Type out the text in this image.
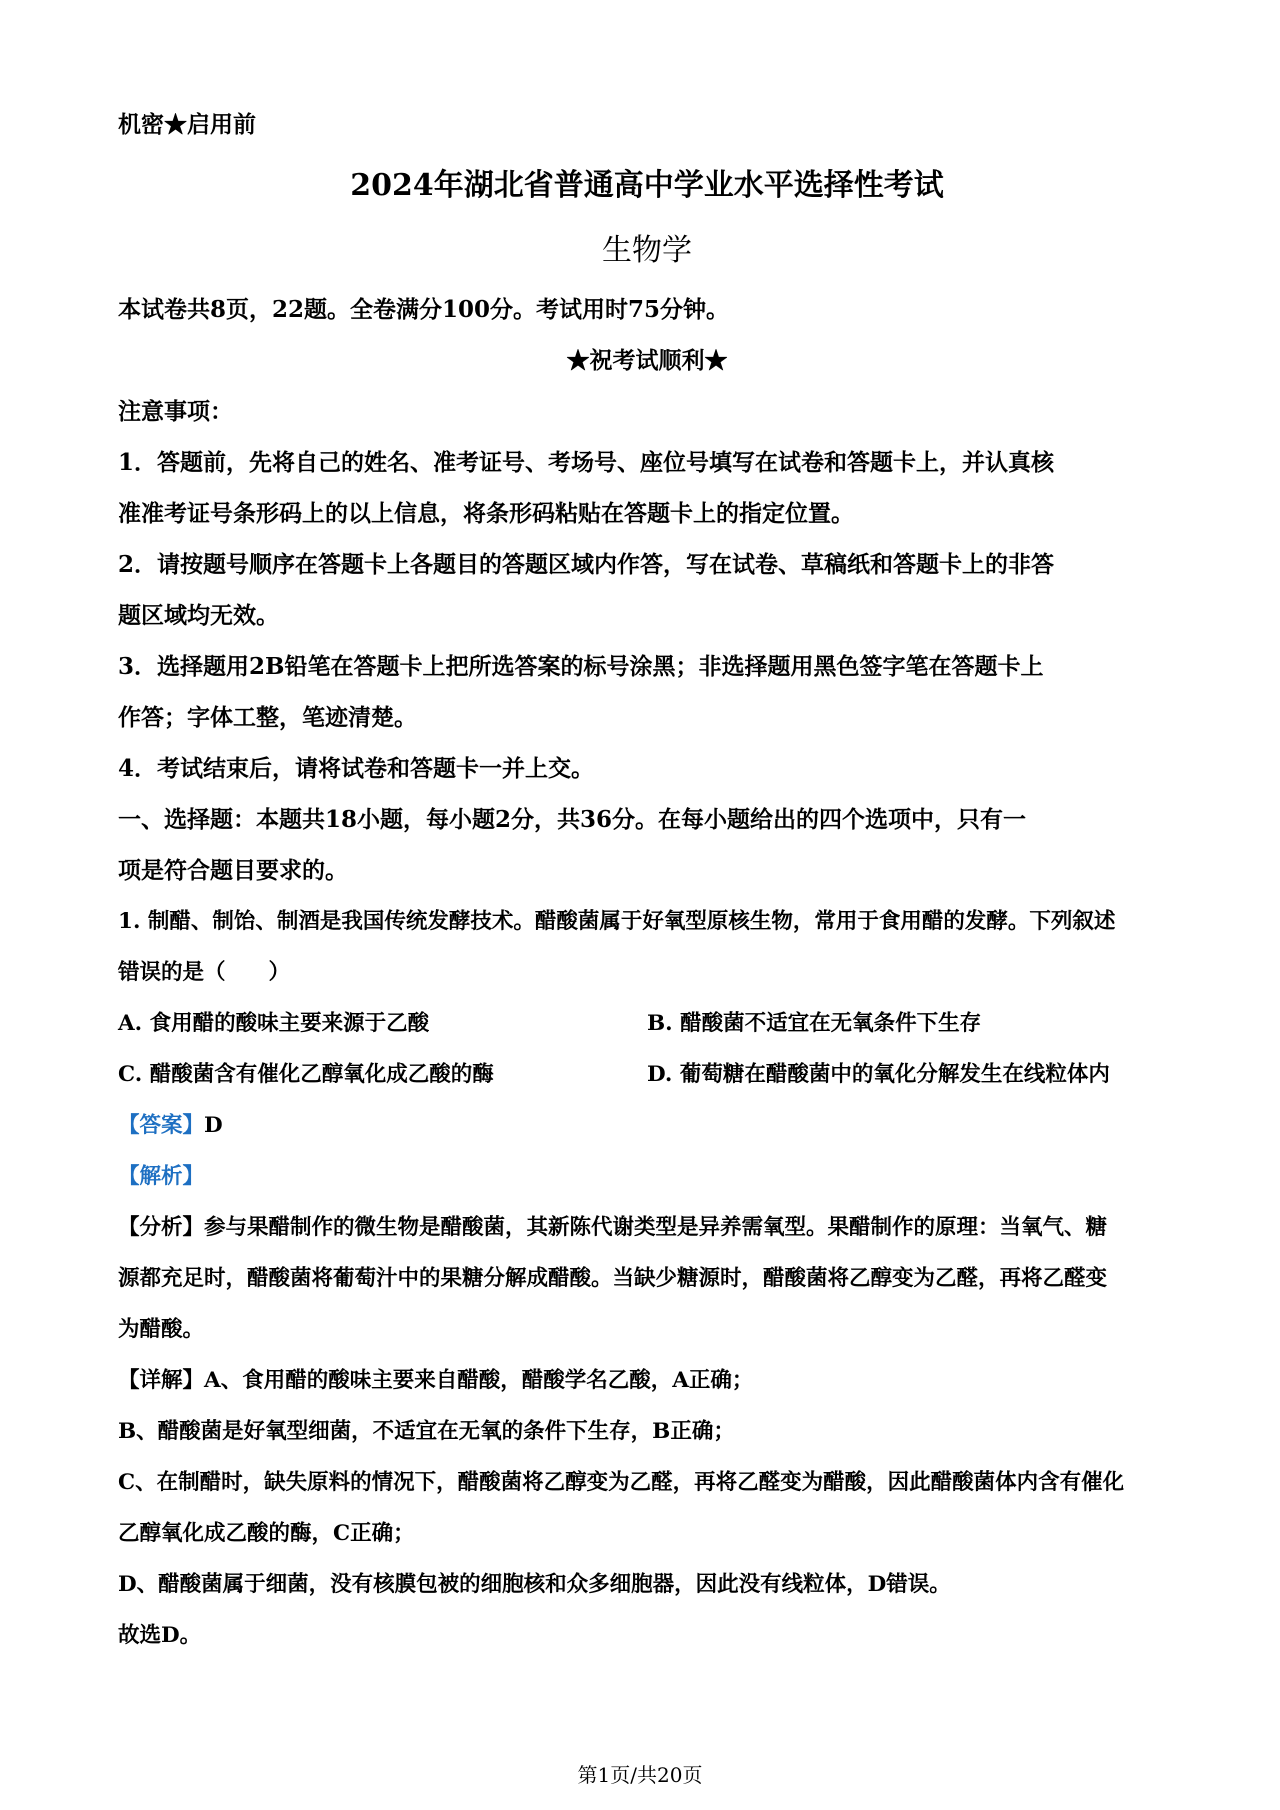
机密★启用前
2024年湖北省普通高中学业水平选择性考试
生物学
本试卷共8页，22题。全卷满分100分。考试用时75分钟。
★祝考试顺利★
注意事项：
1．答题前，先将自己的姓名、准考证号、考场号、座位号填写在试卷和答题卡上，并认真核
准准考证号条形码上的以上信息，将条形码粘贴在答题卡上的指定位置。
2．请按题号顺序在答题卡上各题目的答题区域内作答，写在试卷、草稿纸和答题卡上的非答
题区域均无效。
3．选择题用2B铅笔在答题卡上把所选答案的标号涂黑；非选择题用黑色签字笔在答题卡上
作答；字体工整，笔迹清楚。
4．考试结束后，请将试卷和答题卡一并上交。
一、选择题：本题共18小题，每小题2分，共36分。在每小题给出的四个选项中，只有一
项是符合题目要求的。
1. 制醋、制饴、制酒是我国传统发酵技术。醋酸菌属于好氧型原核生物，常用于食用醋的发酵。下列叙述
错误的是（　　）
A. 食用醋的酸味主要来源于乙酸	B. 醋酸菌不适宜在无氧条件下生存
C. 醋酸菌含有催化乙醇氧化成乙酸的酶	D. 葡萄糖在醋酸菌中的氧化分解发生在线粒体内
【答案】D
【解析】
【分析】参与果醋制作的微生物是醋酸菌，其新陈代谢类型是异养需氧型。果醋制作的原理：当氧气、糖
源都充足时，醋酸菌将葡萄汁中的果糖分解成醋酸。当缺少糖源时，醋酸菌将乙醇变为乙醛，再将乙醛变
为醋酸。
【详解】A、食用醋的酸味主要来自醋酸，醋酸学名乙酸，A正确；
B、醋酸菌是好氧型细菌，不适宜在无氧的条件下生存，B正确；
C、在制醋时，缺失原料的情况下，醋酸菌将乙醇变为乙醛，再将乙醛变为醋酸，因此醋酸菌体内含有催化
乙醇氧化成乙酸的酶，C正确；
D、醋酸菌属于细菌，没有核膜包被的细胞核和众多细胞器，因此没有线粒体，D错误。
故选D。
第1页/共20页
